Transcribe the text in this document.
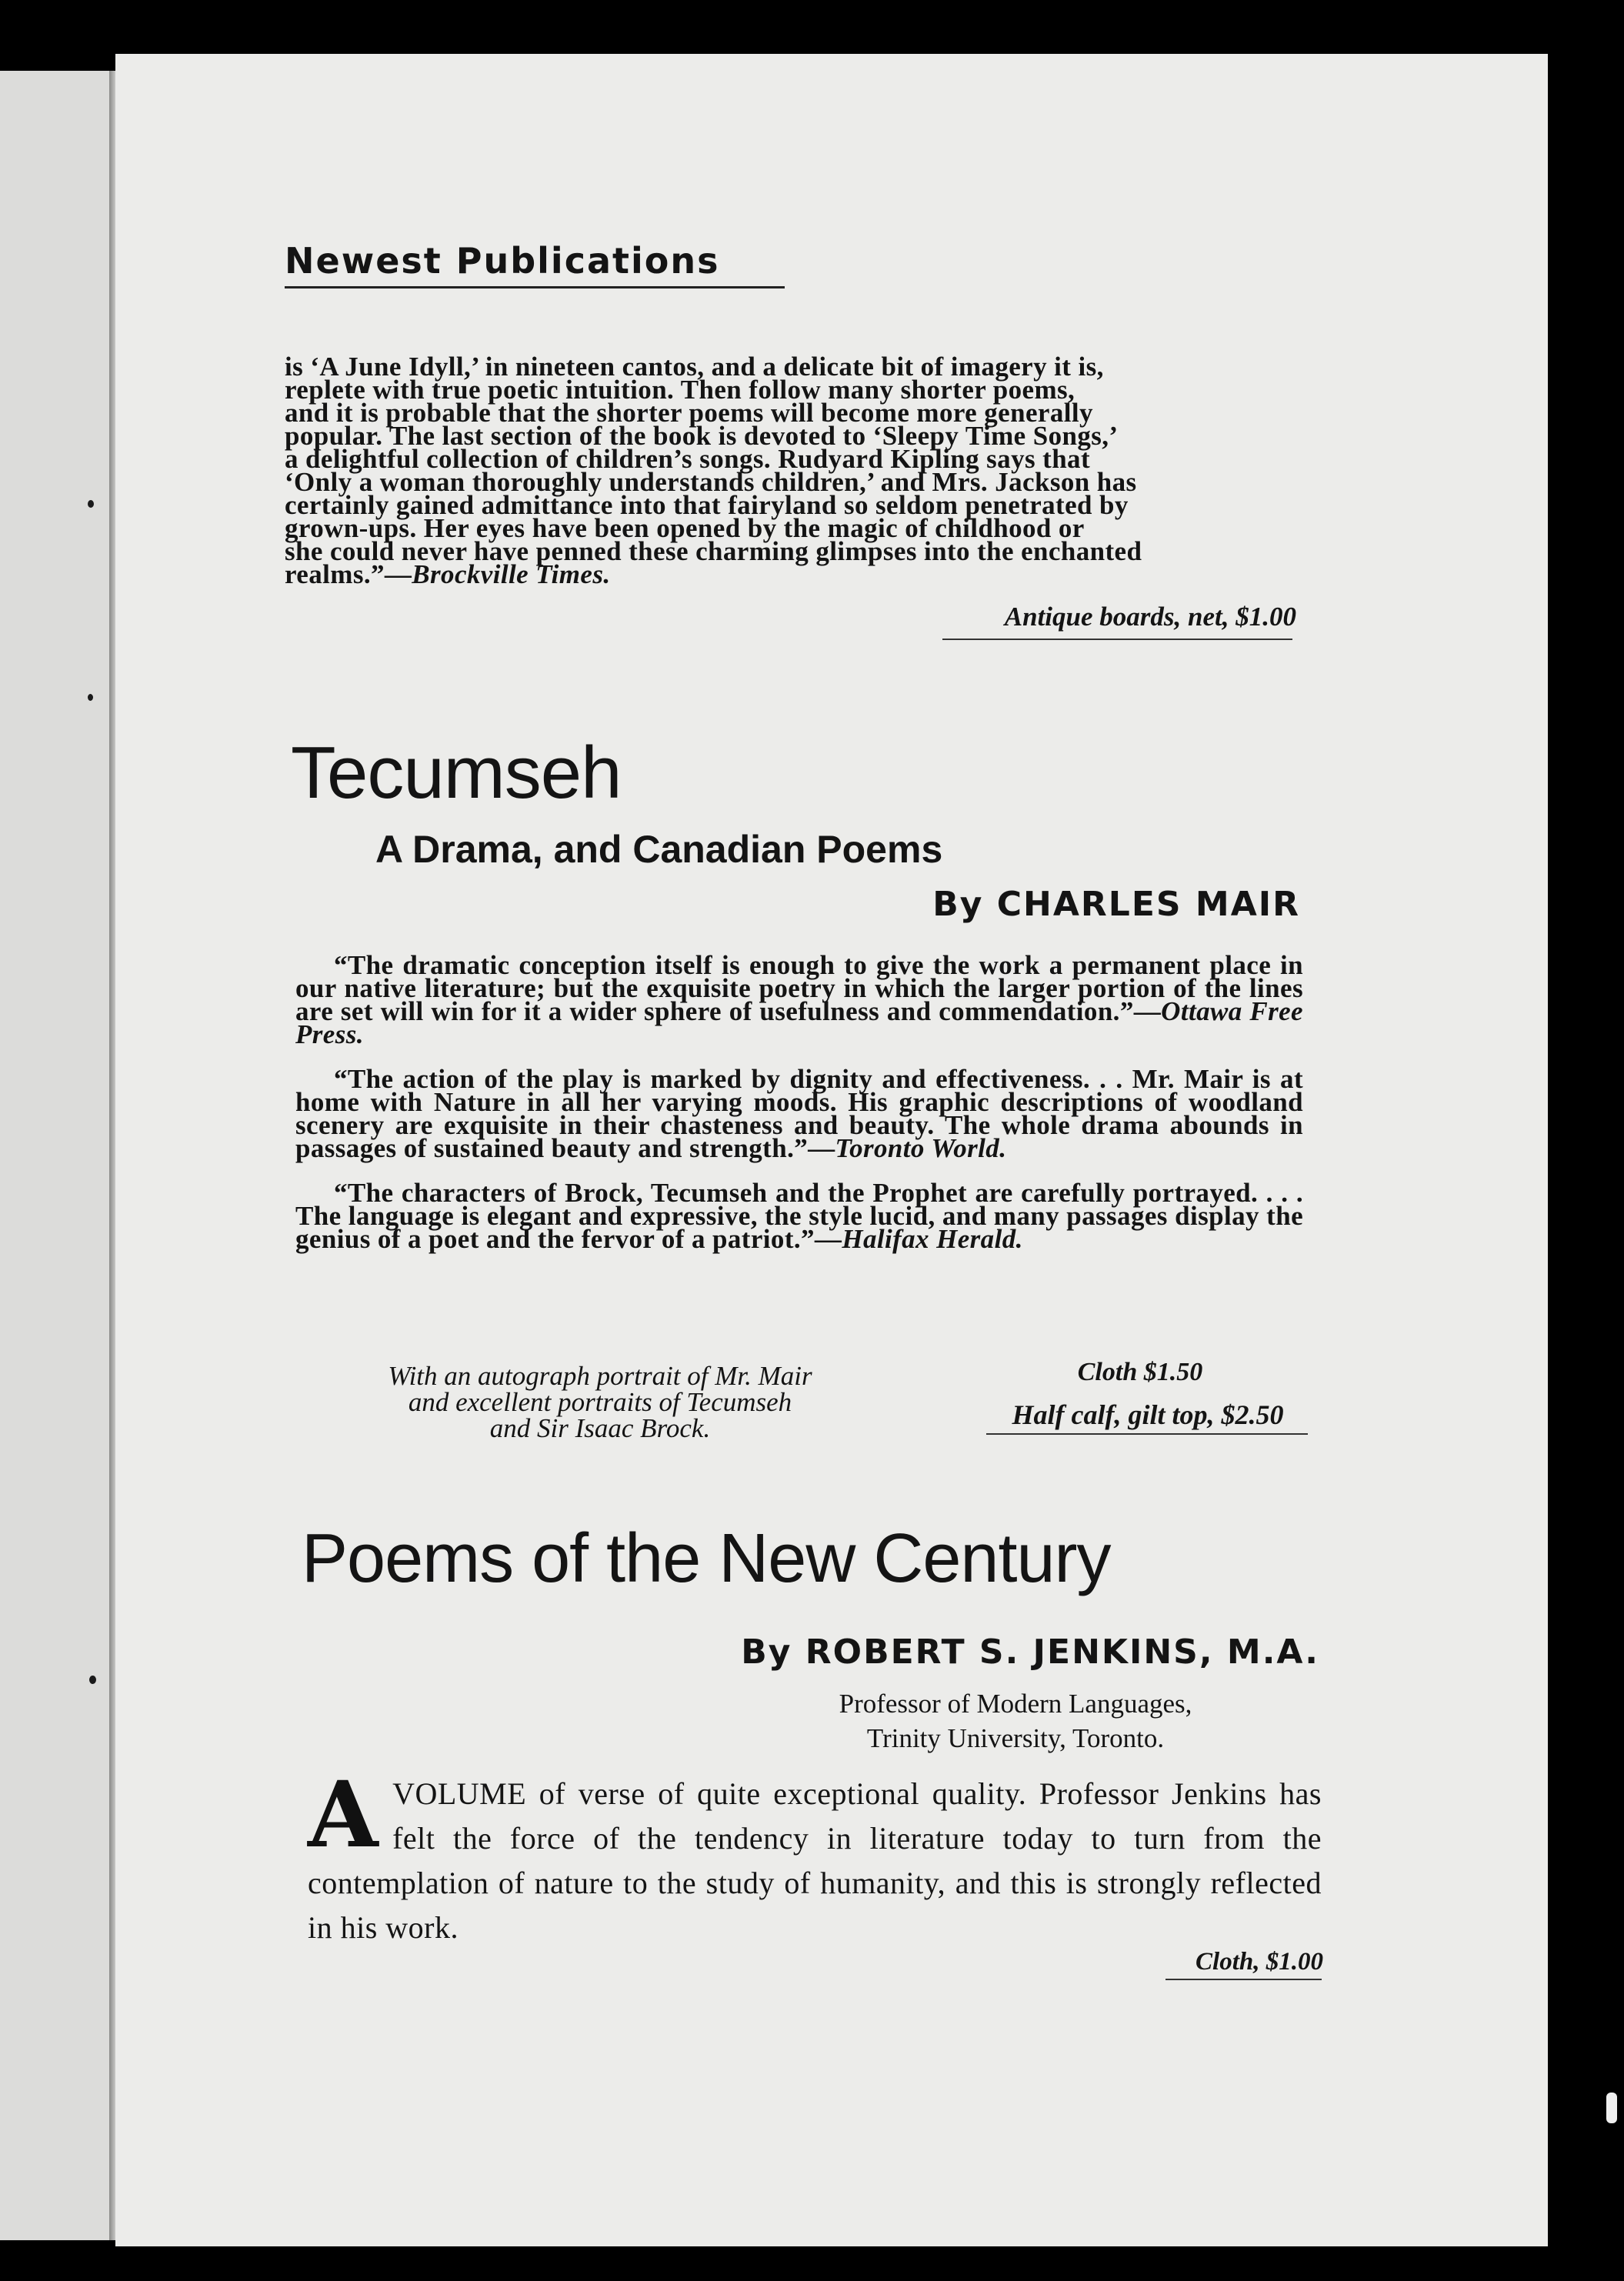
Newest Publications
is ‘A June Idyll,’ in nineteen cantos, and a delicate bit of imagery it is,
replete with true poetic intuition. Then follow many shorter poems,
and it is probable that the shorter poems will become more generally
popular. The last section of the book is devoted to ‘Sleepy Time Songs,’
a delightful collection of children’s songs. Rudyard Kipling says that
‘Only a woman thoroughly understands children,’ and Mrs. Jackson has
certainly gained admittance into that fairyland so seldom penetrated by
grown-ups. Her eyes have been opened by the magic of childhood or
she could never have penned these charming glimpses into the enchanted
realms.”—Brockville Times.
Antique boards, net, $1.00
Tecumseh
A Drama, and Canadian Poems
By CHARLES MAIR

“The dramatic conception itself is enough to give the work a permanent place in our native literature; but the exquisite poetry in which the larger portion of the lines are set will win for it a wider sphere of usefulness and commendation.”—Ottawa Free Press.

“The action of the play is marked by dignity and effectiveness. . . Mr. Mair is at home with Nature in all her varying moods. His graphic descriptions of woodland scenery are exquisite in their chasteness and beauty. The whole drama abounds in passages of sustained beauty and strength.”—Toronto World.

“The characters of Brock, Tecumseh and the Prophet are carefully portrayed. . . . The language is elegant and expressive, the style lucid, and many passages display the genius of a poet and the fervor of a patriot.”—Halifax Herald.

With an autograph portrait of Mr. Mair
and excellent portraits of Tecumseh
and Sir Isaac Brock.
Cloth $1.50
Half calf, gilt top, $2.50
Poems of the New Century
By ROBERT S. JENKINS, M.A.
Professor of Modern Languages,
Trinity University, Toronto.
AVOLUME of verse of quite exceptional quality. Professor Jenkins has felt the force of the tendency in literature today to turn from the contemplation of nature to the study of humanity, and this is strongly reflected in his work.
Cloth, $1.00
